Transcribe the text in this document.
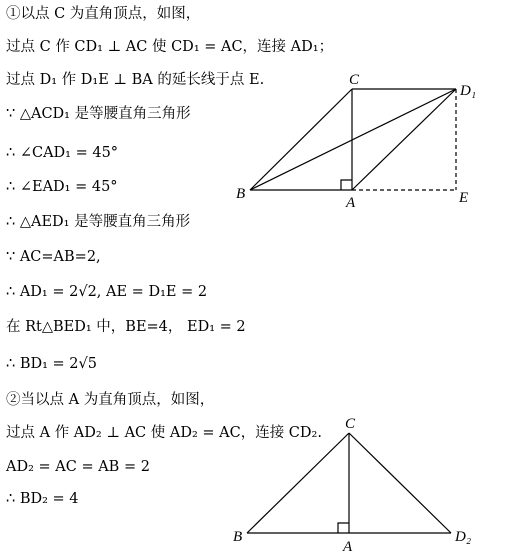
①以点 C 为直角顶点，如图，
过点 C 作 CD₁ ⊥ AC 使 CD₁ = AC，连接 AD₁；
过点 D₁ 作 D₁E ⊥ BA 的延长线于点 E.
∵ △ACD₁ 是等腰直角三角形
∴ ∠CAD₁ = 45°
∴ ∠EAD₁ = 45°
∴ △AED₁ 是等腰直角三角形
∵ AC=AB=2,
∴ AD₁ = 2√2, AE = D₁E = 2
在 Rt△BED₁ 中，BE=4， ED₁ = 2
∴ BD₁ = 2√5
②当以点 A 为直角顶点，如图，
过点 A 作 AD₂ ⊥ AC 使 AD₂ = AC，连接 CD₂.
AD₂ = AC = AB = 2
∴ BD₂ = 4
C
D₁
B
A	E
C
B
A
D₂
